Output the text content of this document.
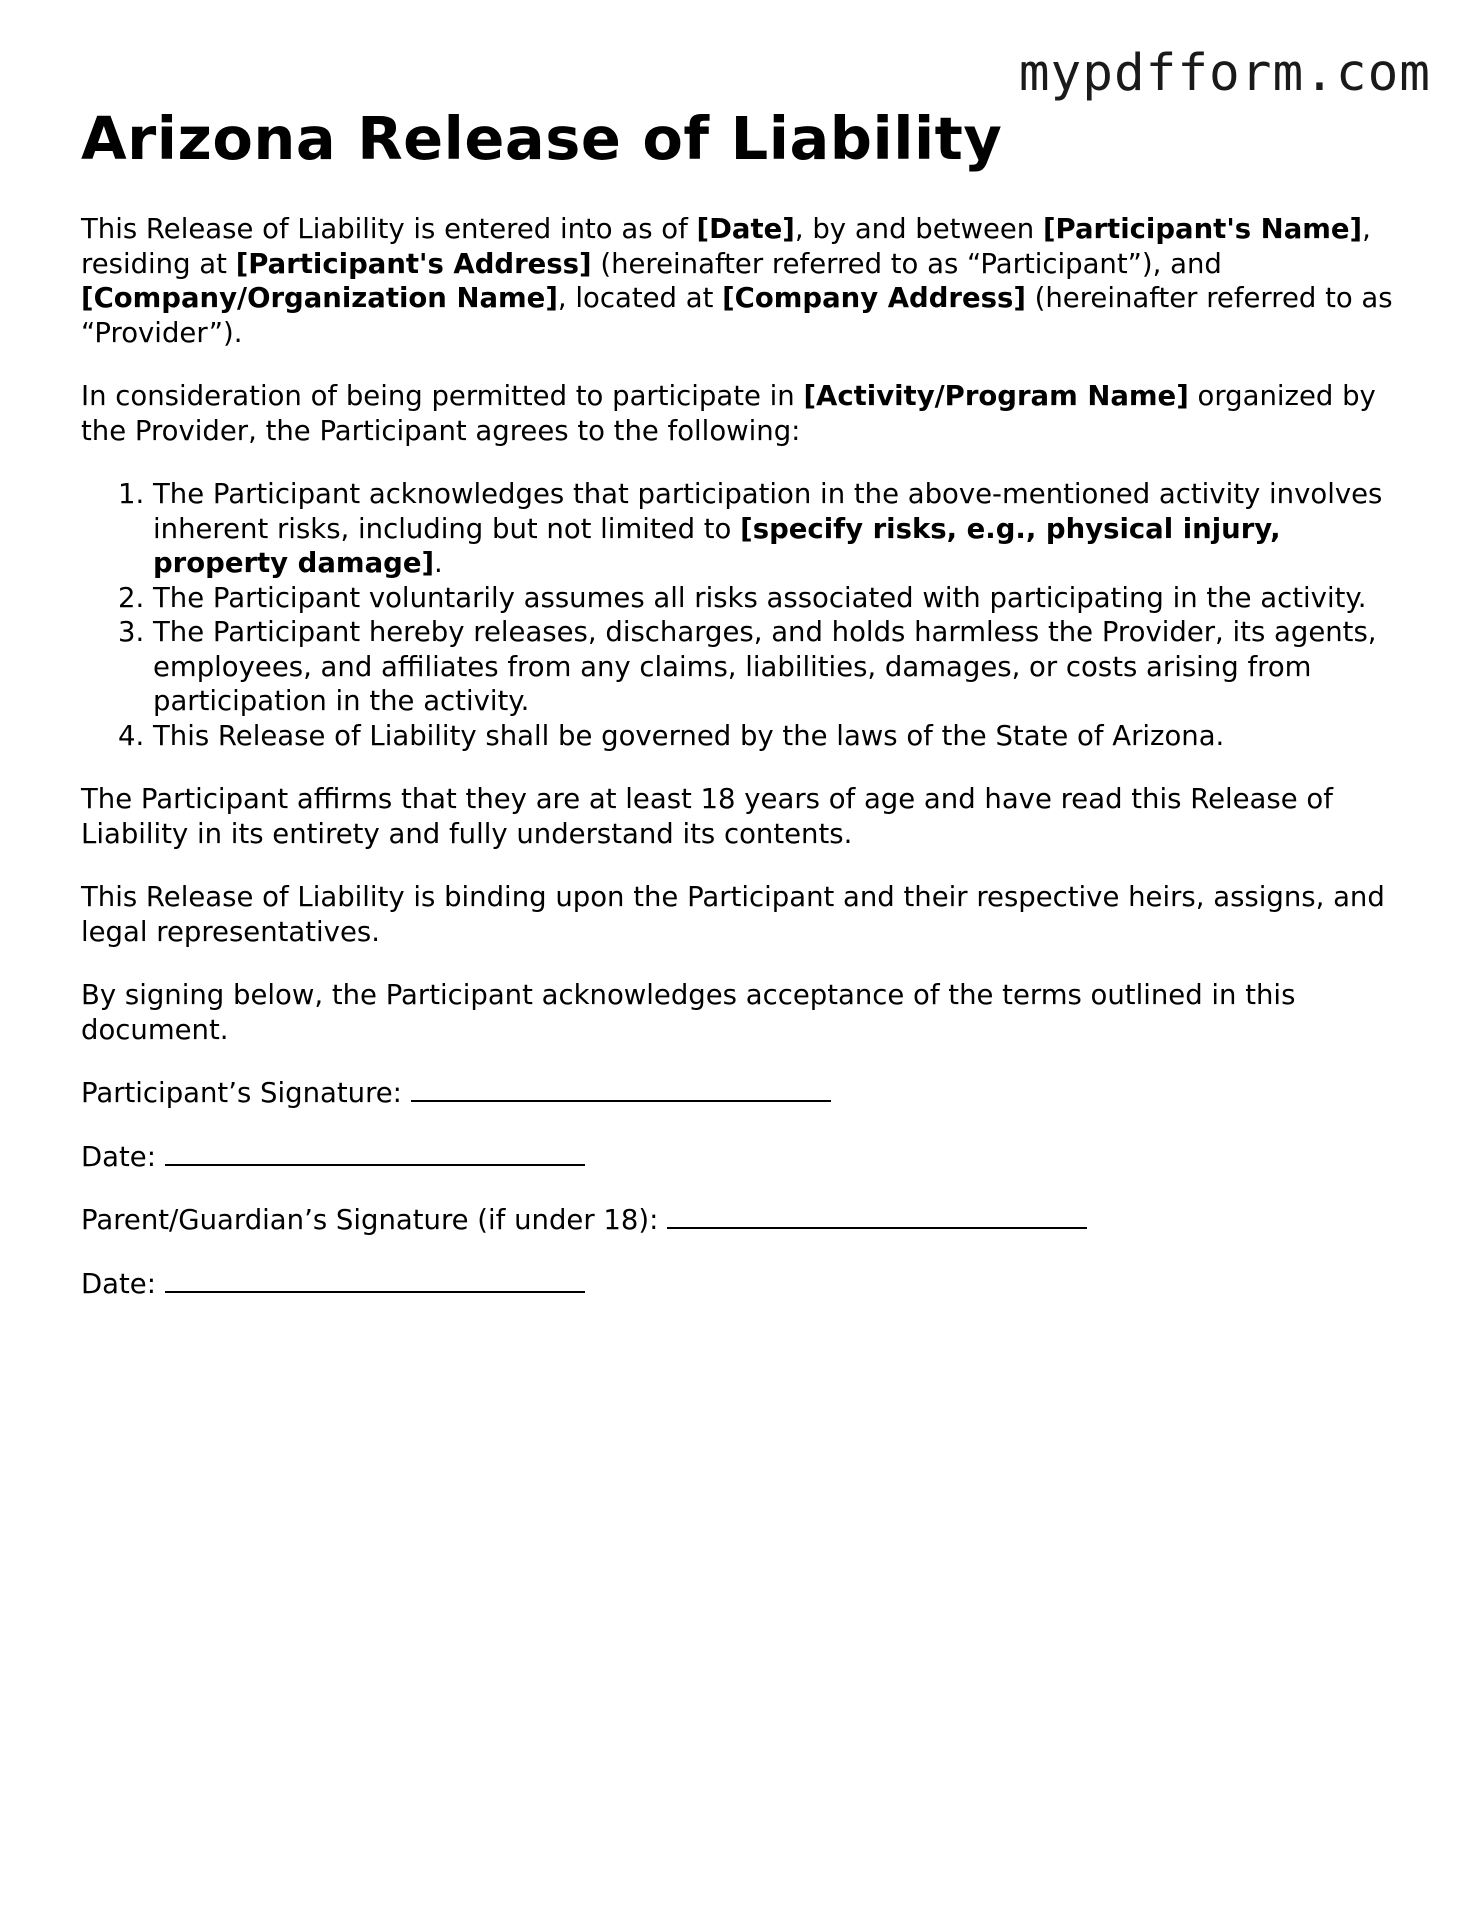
mypdfform.com
Arizona Release of Liability

This Release of Liability is entered into as of [Date], by and between [Participant's Name], residing at [Participant's Address] (hereinafter referred to as “Participant”), and [Company/Organization Name], located at [Company Address] (hereinafter referred to as “Provider”).

In consideration of being permitted to participate in [Activity/Program Name] organized by the Provider, the Participant agrees to the following:

1. The Participant acknowledges that participation in the above-mentioned activity involves inherent risks, including but not limited to [specify risks, e.g., physical injury, property damage].
2. The Participant voluntarily assumes all risks associated with participating in the activity.
3. The Participant hereby releases, discharges, and holds harmless the Provider, its agents, employees, and affiliates from any claims, liabilities, damages, or costs arising from participation in the activity.
4. This Release of Liability shall be governed by the laws of the State of Arizona.

The Participant affirms that they are at least 18 years of age and have read this Release of Liability in its entirety and fully understand its contents.

This Release of Liability is binding upon the Participant and their respective heirs, assigns, and legal representatives.

By signing below, the Participant acknowledges acceptance of the terms outlined in this document.

Participant’s Signature:
Date:
Parent/Guardian’s Signature (if under 18):
Date:
